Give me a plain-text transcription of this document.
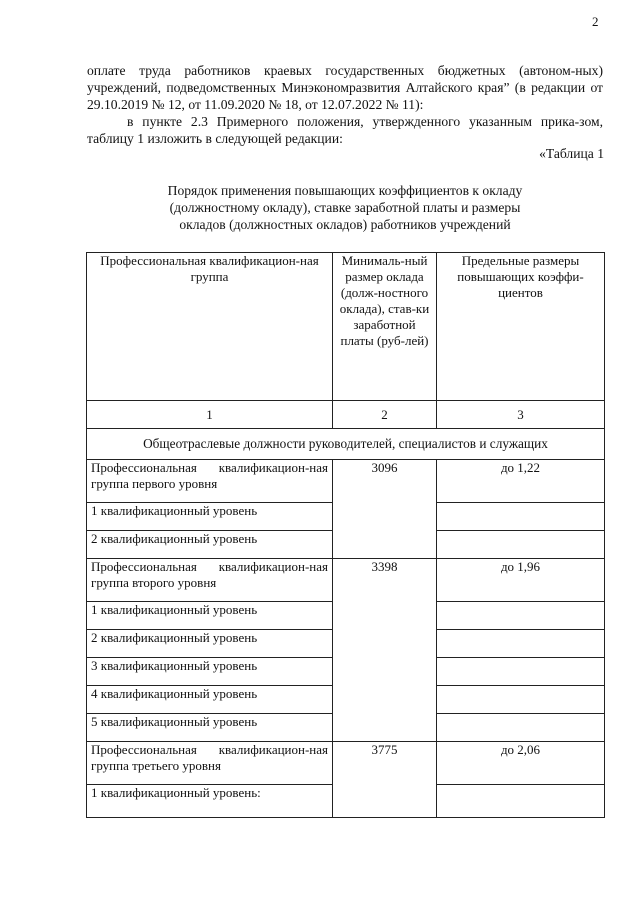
2

оплате труда работников краевых государственных бюджетных (автоном-ных) учреждений, подведомственных Минэкономразвития Алтайского края” (в редакции от 29.10.2019 № 12, от 11.09.2020 № 18, от 12.07.2022 № 11):

в пункте 2.3 Примерного положения, утвержденного указанным прика-зом, таблицу 1 изложить в следующей редакции:

«Таблица 1
Порядок применения повышающих коэффициентов к окладу
(должностному окладу), ставке заработной платы и размеры
окладов (должностных окладов) работников учреждений
Профессиональная квалификацион-ная группа	Минималь-ный размер оклада (долж-ностного оклада), став-ки заработной платы (руб-лей)	Предельные размеры повышающих коэффи-циентов
1	2	3
Общеотраслевые должности руководителей, специалистов и служащих		
Профессиональная квалификацион-ная группа первого уровня	3096	до 1,22
1 квалификационный уровень		
2 квалификационный уровень		
Профессиональная квалификацион-ная группа второго уровня	3398	до 1,96
1 квалификационный уровень		
2 квалификационный уровень		
3 квалификационный уровень		
4 квалификационный уровень		
5 квалификационный уровень		
Профессиональная квалификацион-ная группа третьего уровня	3775	до 2,06
1 квалификационный уровень:		
